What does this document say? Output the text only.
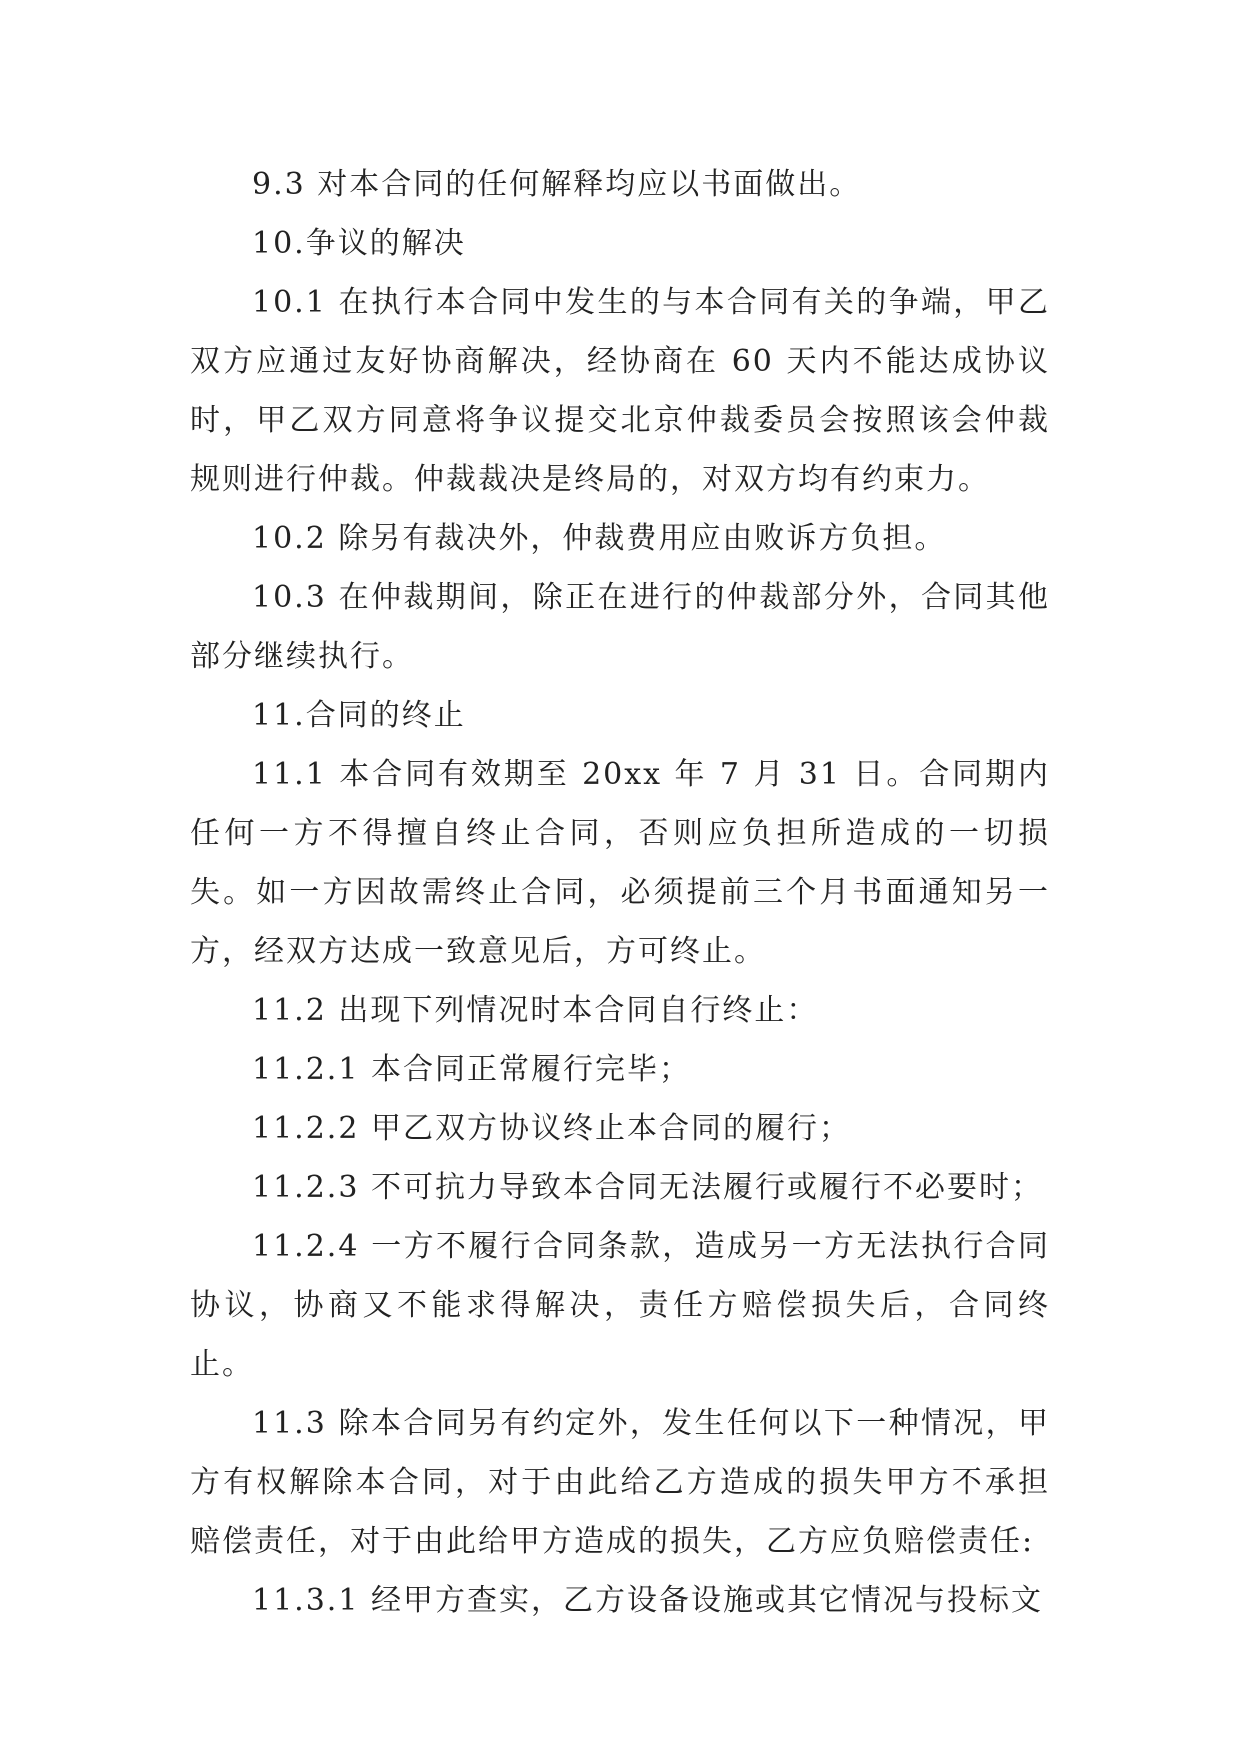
9.3 对本合同的任何解释均应以书面做出。

10.争议的解决

10.1 在执行本合同中发生的与本合同有关的争端，甲乙双方应通过友好协商解决，经协商在 60 天内不能达成协议时，甲乙双方同意将争议提交北京仲裁委员会按照该会仲裁规则进行仲裁。仲裁裁决是终局的，对双方均有约束力。

10.2 除另有裁决外，仲裁费用应由败诉方负担。

10.3 在仲裁期间，除正在进行的仲裁部分外，合同其他部分继续执行。

11.合同的终止

11.1 本合同有效期至 20xx 年 7 月 31 日。合同期内任何一方不得擅自终止合同，否则应负担所造成的一切损失。如一方因故需终止合同，必须提前三个月书面通知另一方，经双方达成一致意见后，方可终止。

11.2 出现下列情况时本合同自行终止：

11.2.1 本合同正常履行完毕；

11.2.2 甲乙双方协议终止本合同的履行；

11.2.3 不可抗力导致本合同无法履行或履行不必要时；

11.2.4 一方不履行合同条款，造成另一方无法执行合同协议，协商又不能求得解决，责任方赔偿损失后，合同终止。

11.3 除本合同另有约定外，发生任何以下一种情况，甲方有权解除本合同，对于由此给乙方造成的损失甲方不承担赔偿责任，对于由此给甲方造成的损失，乙方应负赔偿责任:

11.3.1 经甲方查实，乙方设备设施或其它情况与投标文
